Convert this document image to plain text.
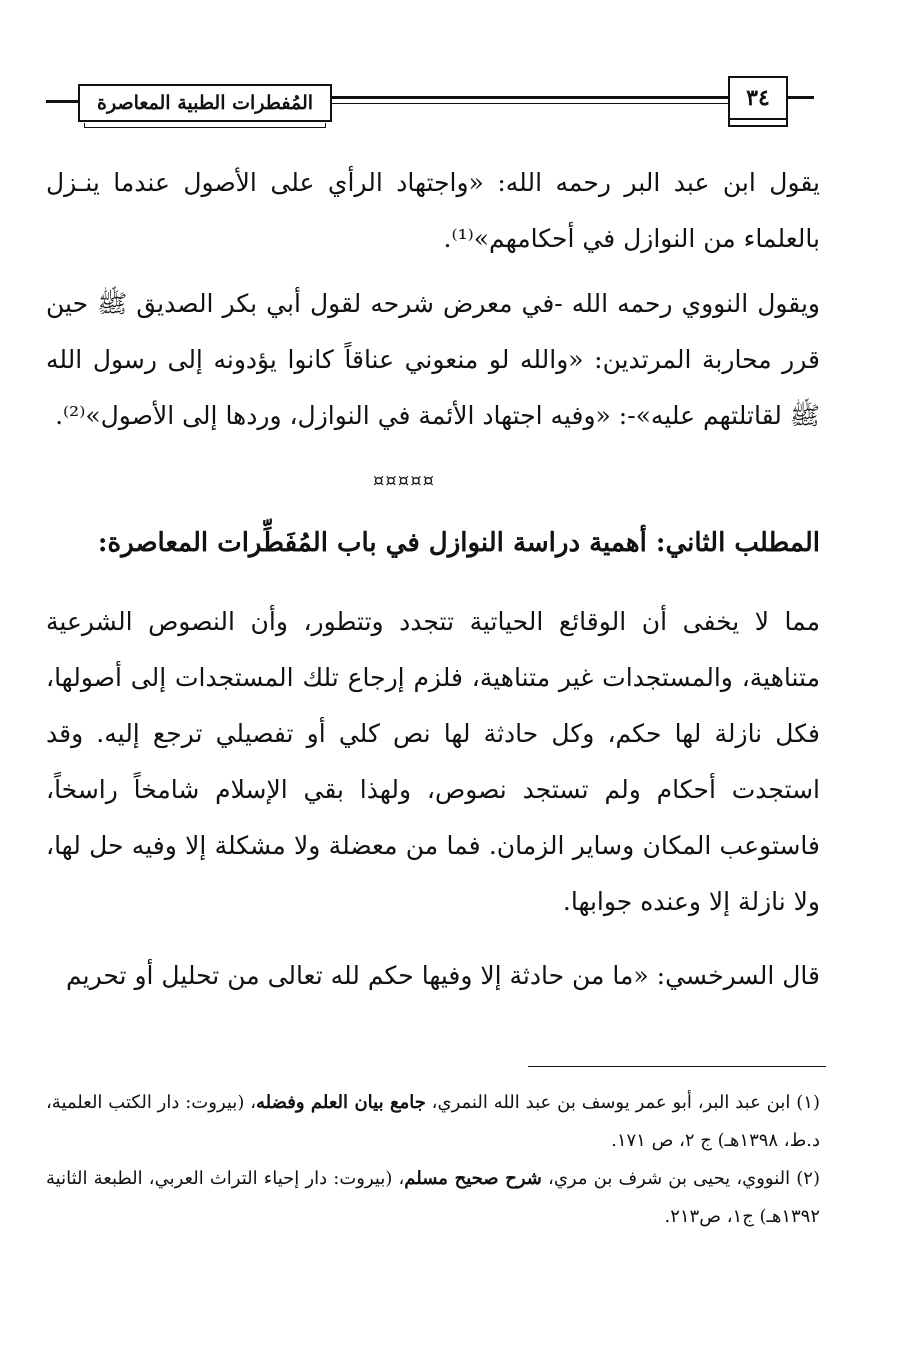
المُفطرات الطبية المعاصرة	٣٤
يقول ابن عبد البر رحمه الله: «واجتهاد الرأي على الأصول عندما ينـزل بالعلماء من النوازل في أحكامهم»⁽¹⁾.
ويقول النووي رحمه الله -في معرض شرحه لقول أبي بكر الصديق ﷺ حين قرر محاربة المرتدين: «والله لو منعوني عناقاً كانوا يؤدونه إلى رسول الله ﷺ لقاتلتهم عليه»-: «وفيه اجتهاد الأئمة في النوازل، وردها إلى الأصول»⁽²⁾.
¤¤¤¤¤
المطلب الثاني: أهمية دراسة النوازل في باب المُفَطِّرات المعاصرة:
مما لا يخفى أن الوقائع الحياتية تتجدد وتتطور، وأن النصوص الشرعية متناهية، والمستجدات غير متناهية، فلزم إرجاع تلك المستجدات إلى أصولها، فكل نازلة لها حكم، وكل حادثة لها نص كلي أو تفصيلي ترجع إليه. وقد استجدت أحكام ولم تستجد نصوص، ولهذا بقي الإسلام شامخاً راسخاً، فاستوعب المكان وساير الزمان. فما من معضلة ولا مشكلة إلا وفيه حل لها، ولا نازلة إلا وعنده جوابها.
قال السرخسي: «ما من حادثة إلا وفيها حكم لله تعالى من تحليل أو تحريم
(١) ابن عبد البر، أبو عمر يوسف بن عبد الله النمري، جامع بيان العلم وفضله، (بيروت: دار الكتب العلمية، د.ط، ١٣٩٨هـ) ج ٢، ص ١٧١.
(٢) النووي، يحيى بن شرف بن مري، شرح صحيح مسلم، (بيروت: دار إحياء التراث العربي، الطبعة الثانية ١٣٩٢هـ) ج١، ص٢١٣.
